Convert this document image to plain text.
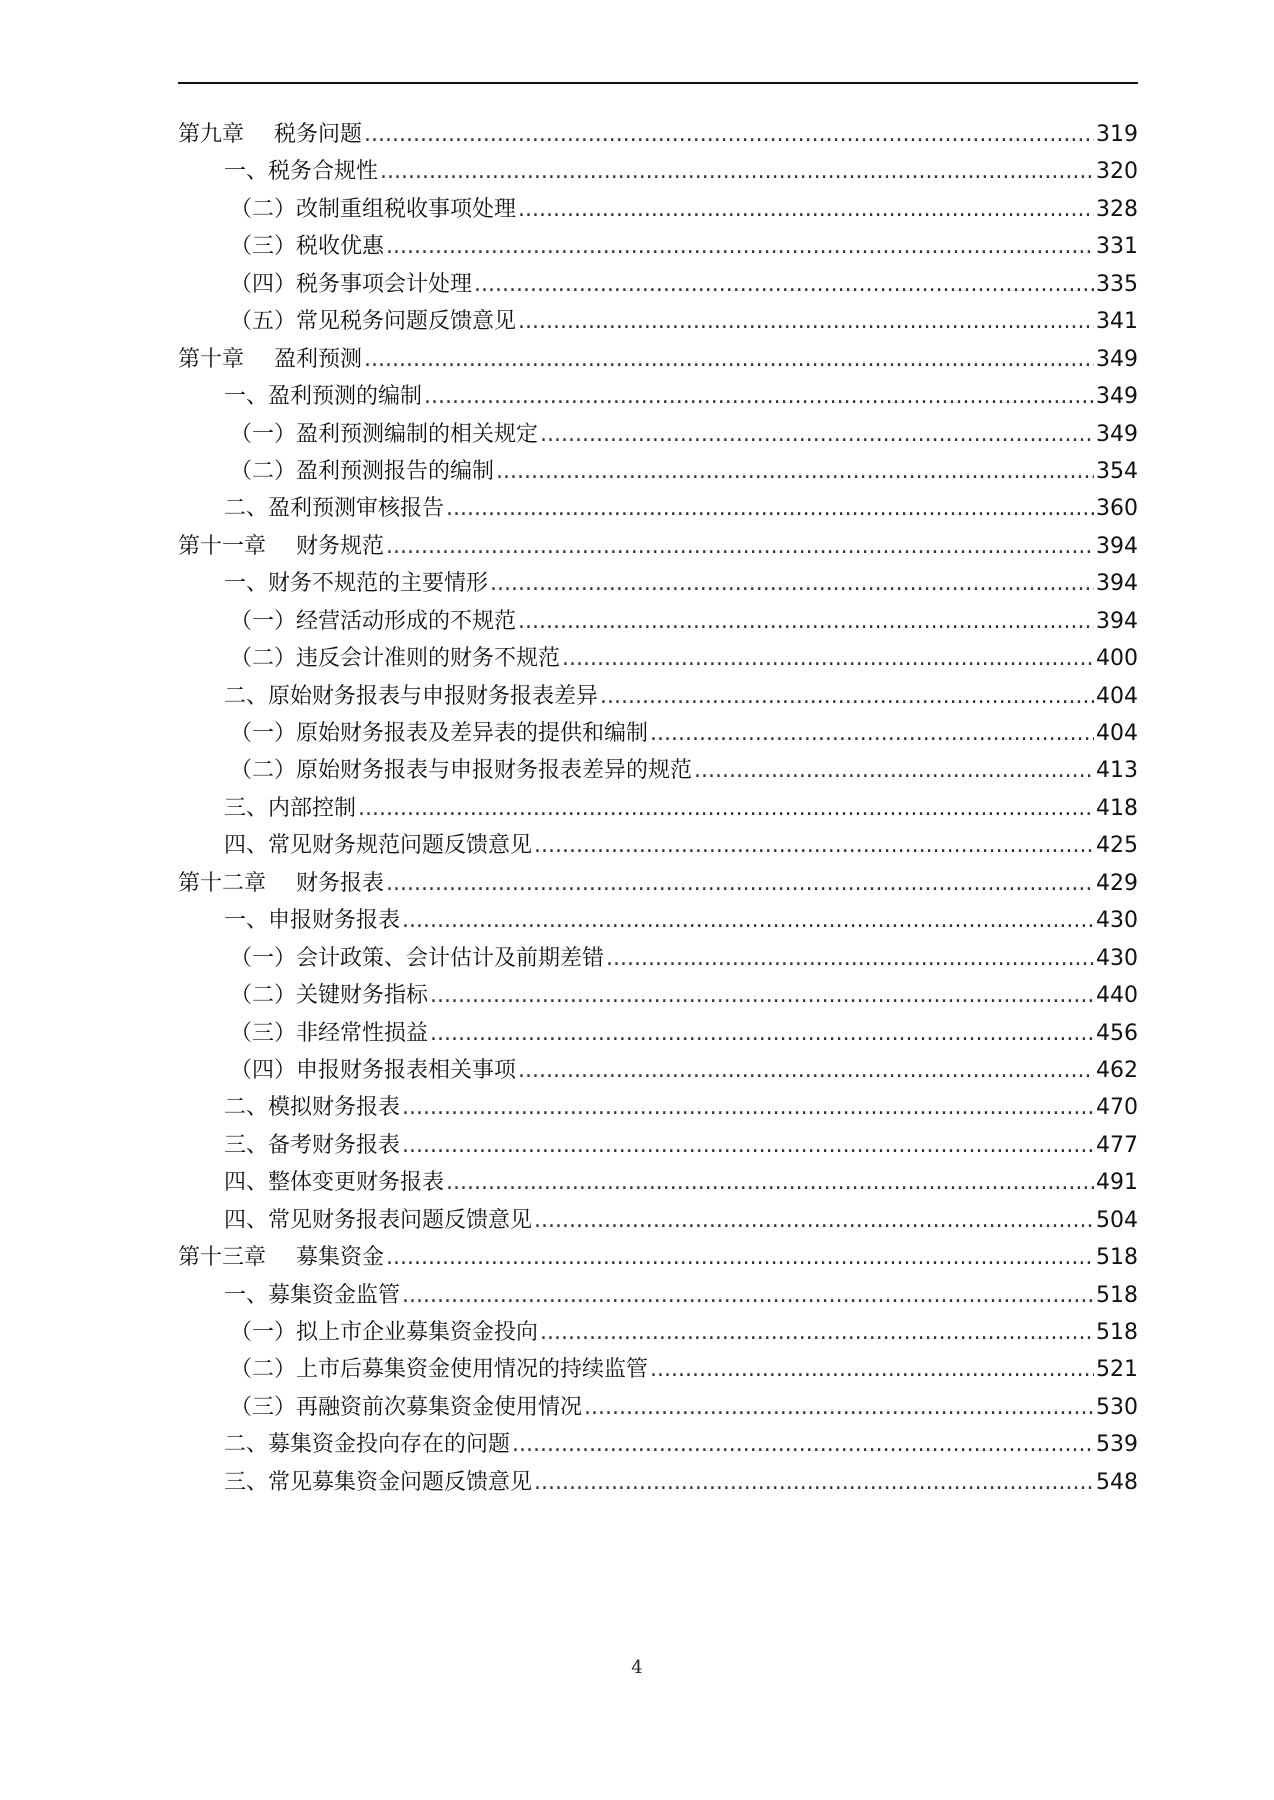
第九章 税务问题 .....	319
一、税务合规性 .....	320
（二）改制重组税收事项处理 .....	328
（三）税收优惠 .....	331
（四）税务事项会计处理 .....	335
（五）常见税务问题反馈意见 .....	341
第十章 盈利预测 .....	349
一、盈利预测的编制 .....	349
（一）盈利预测编制的相关规定 .....	349
（二）盈利预测报告的编制 .....	354
二、盈利预测审核报告 .....	360
第十一章 财务规范 .....	394
一、财务不规范的主要情形 .....	394
（一）经营活动形成的不规范 .....	394
（二）违反会计准则的财务不规范 .....	400
二、原始财务报表与申报财务报表差异 .....	404
（一）原始财务报表及差异表的提供和编制 .....	404
（二）原始财务报表与申报财务报表差异的规范 .....	413
三、内部控制 .....	418
四、常见财务规范问题反馈意见 .....	425
第十二章 财务报表 .....	429
一、申报财务报表 .....	430
（一）会计政策、会计估计及前期差错 .....	430
（二）关键财务指标 .....	440
（三）非经常性损益 .....	456
（四）申报财务报表相关事项 .....	462
二、模拟财务报表 .....	470
三、备考财务报表 .....	477
四、整体变更财务报表 .....	491
四、常见财务报表问题反馈意见 .....	504
第十三章 募集资金 .....	518
一、募集资金监管 .....	518
（一）拟上市企业募集资金投向 .....	518
（二）上市后募集资金使用情况的持续监管 .....	521
（三）再融资前次募集资金使用情况 .....	530
二、募集资金投向存在的问题 .....	539
三、常见募集资金问题反馈意见 .....	548
4
